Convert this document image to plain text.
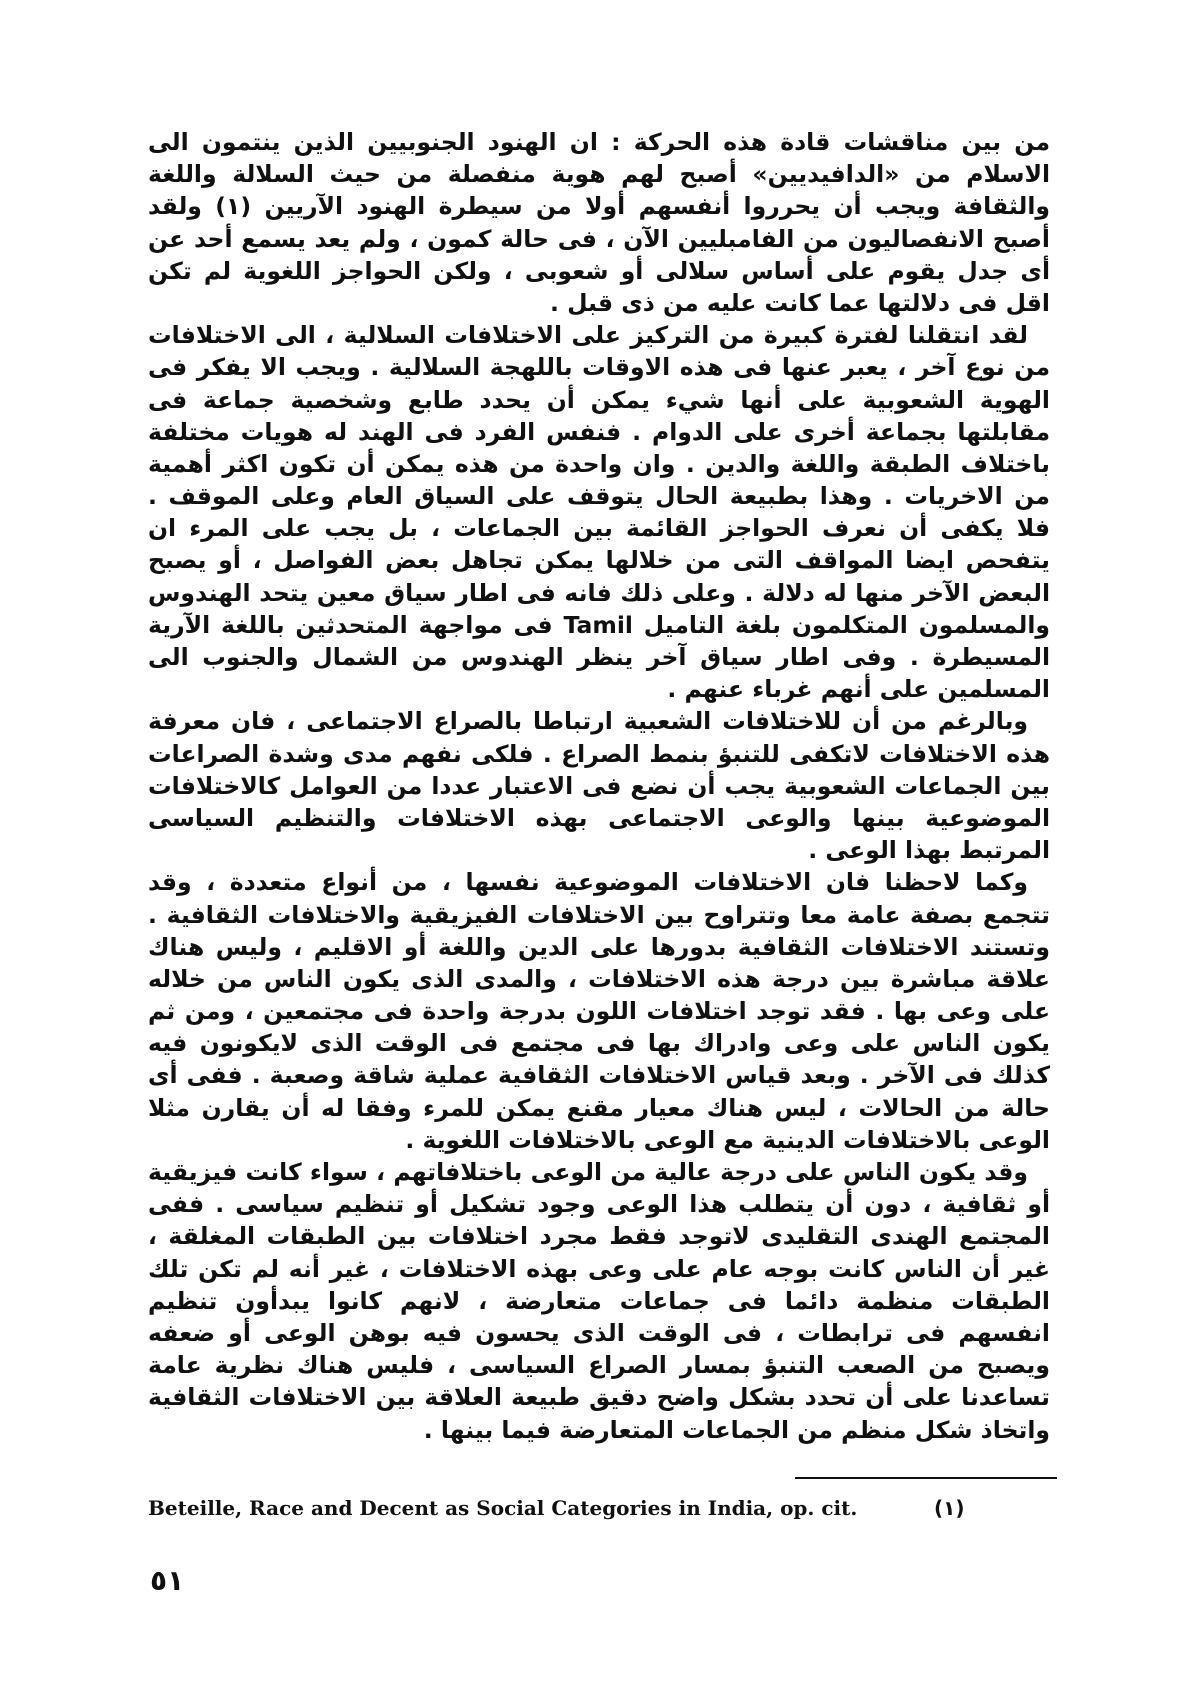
من بين مناقشات قادة هذه الحركة : ان الهنود الجنوبيين الذين ينتمون الى الاسلام من «الدافيديين» أصبح لهم هوية منفصلة من حيث السلالة واللغة والثقافة ويجب أن يحرروا أنفسهم أولا من سيطرة الهنود الآريين (١) ولقد أصبح الانفصاليون من الفامبليين الآن ، فى حالة كمون ، ولم يعد يسمع أحد عن أى جدل يقوم على أساس سلالى أو شعوبى ، ولكن الحواجز اللغوية لم تكن اقل فى دلالتها عما كانت عليه من ذى قبل .

لقد انتقلنا لفترة كبيرة من التركيز على الاختلافات السلالية ، الى الاختلافات من نوع آخر ، يعبر عنها فى هذه الاوقات باللهجة السلالية . ويجب الا يفكر فى الهوية الشعوبية على أنها شيء يمكن أن يحدد طابع وشخصية جماعة فى مقابلتها بجماعة أخرى على الدوام . فنفس الفرد فى الهند له هويات مختلفة باختلاف الطبقة واللغة والدين . وان واحدة من هذه يمكن أن تكون اكثر أهمية من الاخريات . وهذا بطبيعة الحال يتوقف على السياق العام وعلى الموقف . فلا يكفى أن نعرف الحواجز القائمة بين الجماعات ، بل يجب على المرء ان يتفحص ايضا المواقف التى من خلالها يمكن تجاهل بعض الفواصل ، أو يصبح البعض الآخر منها له دلالة . وعلى ذلك فانه فى اطار سياق معين يتحد الهندوس والمسلمون المتكلمون بلغة التاميل Tamil فى مواجهة المتحدثين باللغة الآرية المسيطرة . وفى اطار سياق آخر ينظر الهندوس من الشمال والجنوب الى المسلمين على أنهم غرباء عنهم .

وبالرغم من أن للاختلافات الشعبية ارتباطا بالصراع الاجتماعى ، فان معرفة هذه الاختلافات لاتكفى للتنبؤ بنمط الصراع . فلكى نفهم مدى وشدة الصراعات بين الجماعات الشعوبية يجب أن نضع فى الاعتبار عددا من العوامل كالاختلافات الموضوعية بينها والوعى الاجتماعى بهذه الاختلافات والتنظيم السياسى المرتبط بهذا الوعى .

وكما لاحظنا فان الاختلافات الموضوعية نفسها ، من أنواع متعددة ، وقد تتجمع بصفة عامة معا وتتراوح بين الاختلافات الفيزيقية والاختلافات الثقافية . وتستند الاختلافات الثقافية بدورها على الدين واللغة أو الاقليم ، وليس هناك علاقة مباشرة بين درجة هذه الاختلافات ، والمدى الذى يكون الناس من خلاله على وعى بها . فقد توجد اختلافات اللون بدرجة واحدة فى مجتمعين ، ومن ثم يكون الناس على وعى وادراك بها فى مجتمع فى الوقت الذى لايكونون فيه كذلك فى الآخر . وبعد قياس الاختلافات الثقافية عملية شاقة وصعبة . ففى أى حالة من الحالات ، ليس هناك معيار مقنع يمكن للمرء وفقا له أن يقارن مثلا الوعى بالاختلافات الدينية مع الوعى بالاختلافات اللغوية .

وقد يكون الناس على درجة عالية من الوعى باختلافاتهم ، سواء كانت فيزيقية أو ثقافية ، دون أن يتطلب هذا الوعى وجود تشكيل أو تنظيم سياسى . ففى المجتمع الهندى التقليدى لاتوجد فقط مجرد اختلافات بين الطبقات المغلقة ، غير أن الناس كانت بوجه عام على وعى بهذه الاختلافات ، غير أنه لم تكن تلك الطبقات منظمة دائما فى جماعات متعارضة ، لانهم كانوا يبدأون تنظيم انفسهم فى ترابطات ، فى الوقت الذى يحسون فيه بوهن الوعى أو ضعفه ويصبح من الصعب التنبؤ بمسار الصراع السياسى ، فليس هناك نظرية عامة تساعدنا على أن تحدد بشكل واضح دقيق طبيعة العلاقة بين الاختلافات الثقافية واتخاذ شكل منظم من الجماعات المتعارضة فيما بينها .

Beteille, Race and Decent as Social Categories in India, op. cit.	(١)
٥١
